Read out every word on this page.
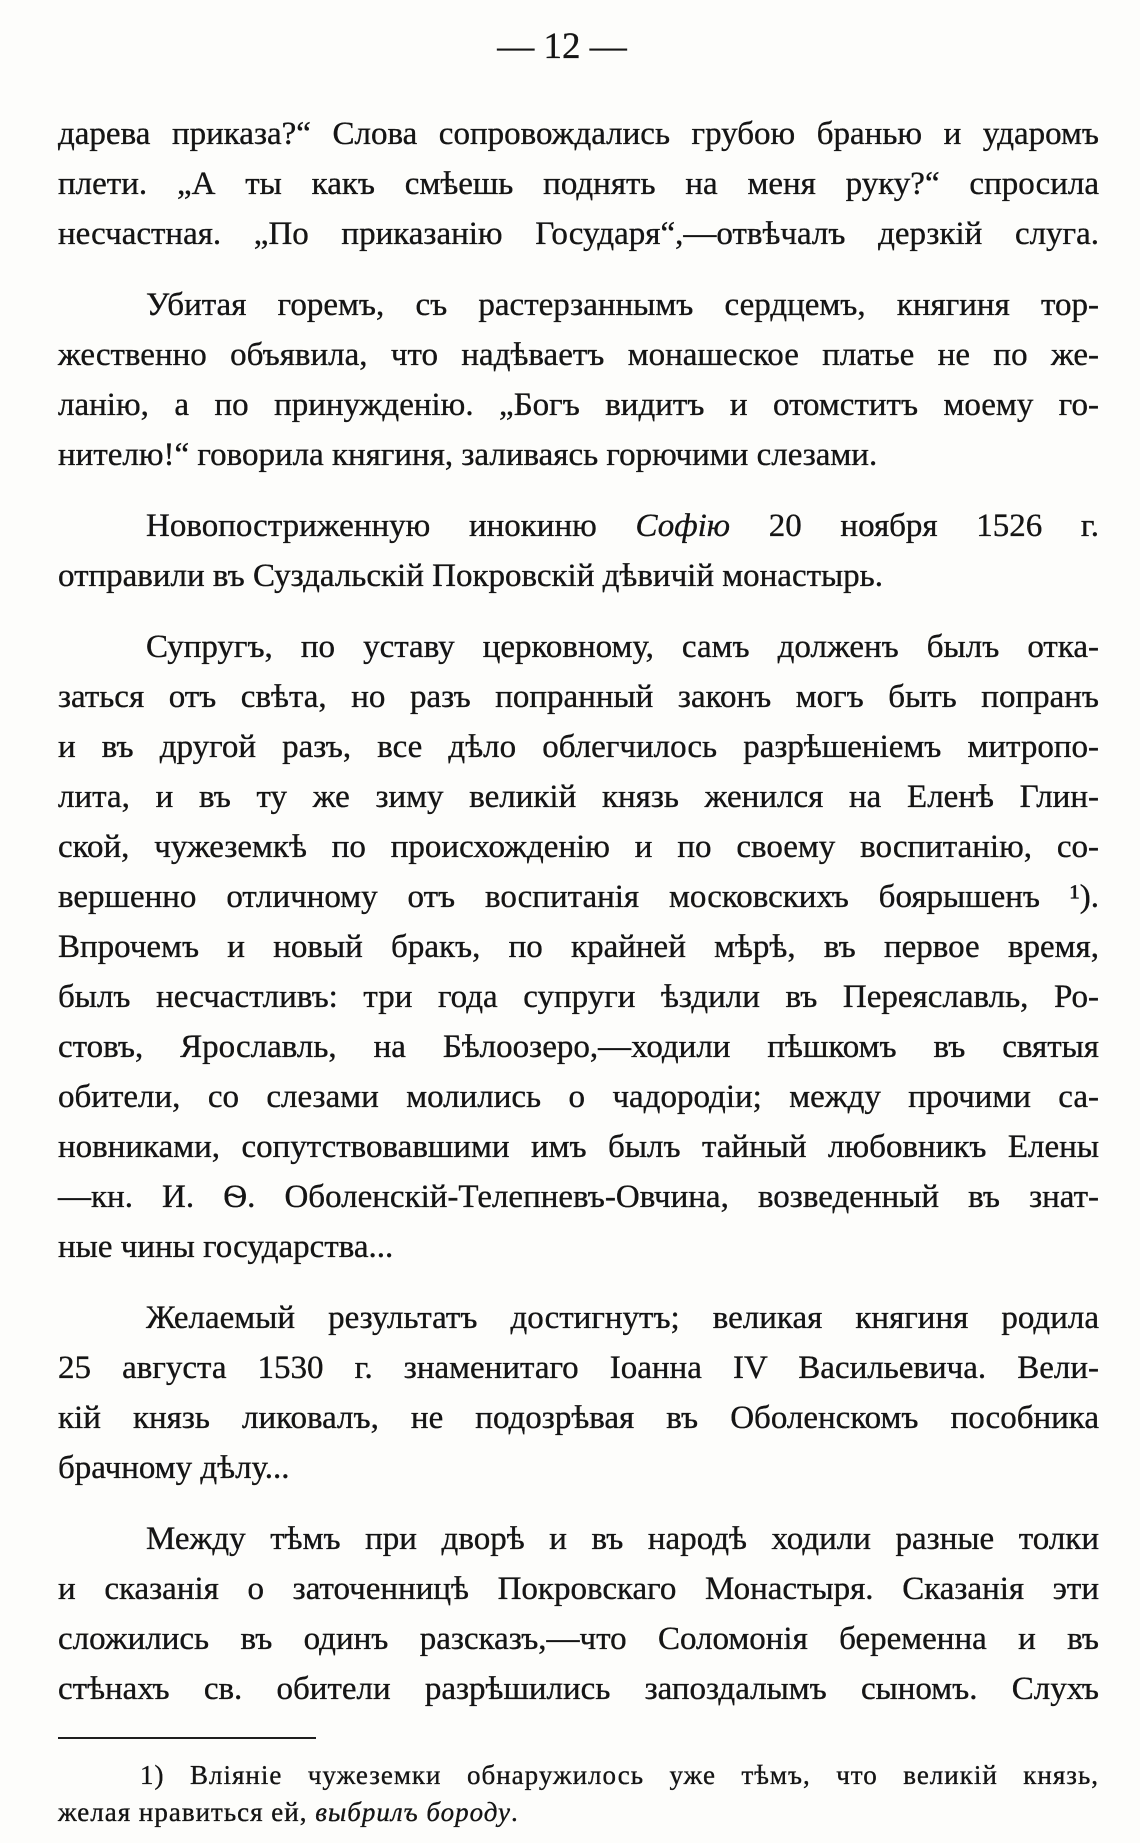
— 12 —
дарева приказа?“ Слова сопровождались грубою бранью и ударомъ
плети. „А ты какъ смѣешь поднять на меня руку?“ спросила
несчастная. „По приказанію Государя“,—отвѣчалъ дерзкій слуга.
Убитая горемъ, съ растерзаннымъ сердцемъ, княгиня тор-
жественно объявила, что надѣваетъ монашеское платье не по же-
ланію, а по принужденію. „Богъ видитъ и отомститъ моему го-
нителю!“ говорила княгиня, заливаясь горючими слезами.
Новопостриженную инокиню Софію 20 ноября 1526 г.
отправили въ Суздальскій Покровскій дѣвичій монастырь.
Супругъ, по уставу церковному, самъ долженъ былъ отка-
заться отъ свѣта, но разъ попранный законъ могъ быть попранъ
и въ другой разъ, все дѣло облегчилось разрѣшеніемъ митропо-
лита, и въ ту же зиму великій князь женился на Еленѣ Глин-
ской, чужеземкѣ по происхожденію и по своему воспитанію, со-
вершенно отличному отъ воспитанія московскихъ боярышенъ ¹).
Впрочемъ и новый бракъ, по крайней мѣрѣ, въ первое время,
былъ несчастливъ: три года супруги ѣздили въ Переяславль, Ро-
стовъ, Ярославль, на Бѣлоозеро,—ходили пѣшкомъ въ святыя
обители, со слезами молились о чадородіи; между прочими са-
новниками, сопутствовавшими имъ былъ тайный любовникъ Елены
—кн. И. Ѳ. Оболенскій-Телепневъ-Овчина, возведенный въ знат-
ные чины государства...
Желаемый результатъ достигнутъ; великая княгиня родила
25 августа 1530 г. знаменитаго Іоанна IV Васильевича. Вели-
кій князь ликовалъ, не подозрѣвая въ Оболенскомъ пособника
брачному дѣлу...
Между тѣмъ при дворѣ и въ народѣ ходили разные толки
и сказанія о заточенницѣ Покровскаго Монастыря. Сказанія эти
сложились въ одинъ разсказъ,—что Соломонія беременна и въ
стѣнахъ св. обители разрѣшились запоздалымъ сыномъ. Слухъ
1) Вліяніе чужеземки обнаружилось уже тѣмъ, что великій князь,
желая нравиться ей, выбрилъ бороду.
